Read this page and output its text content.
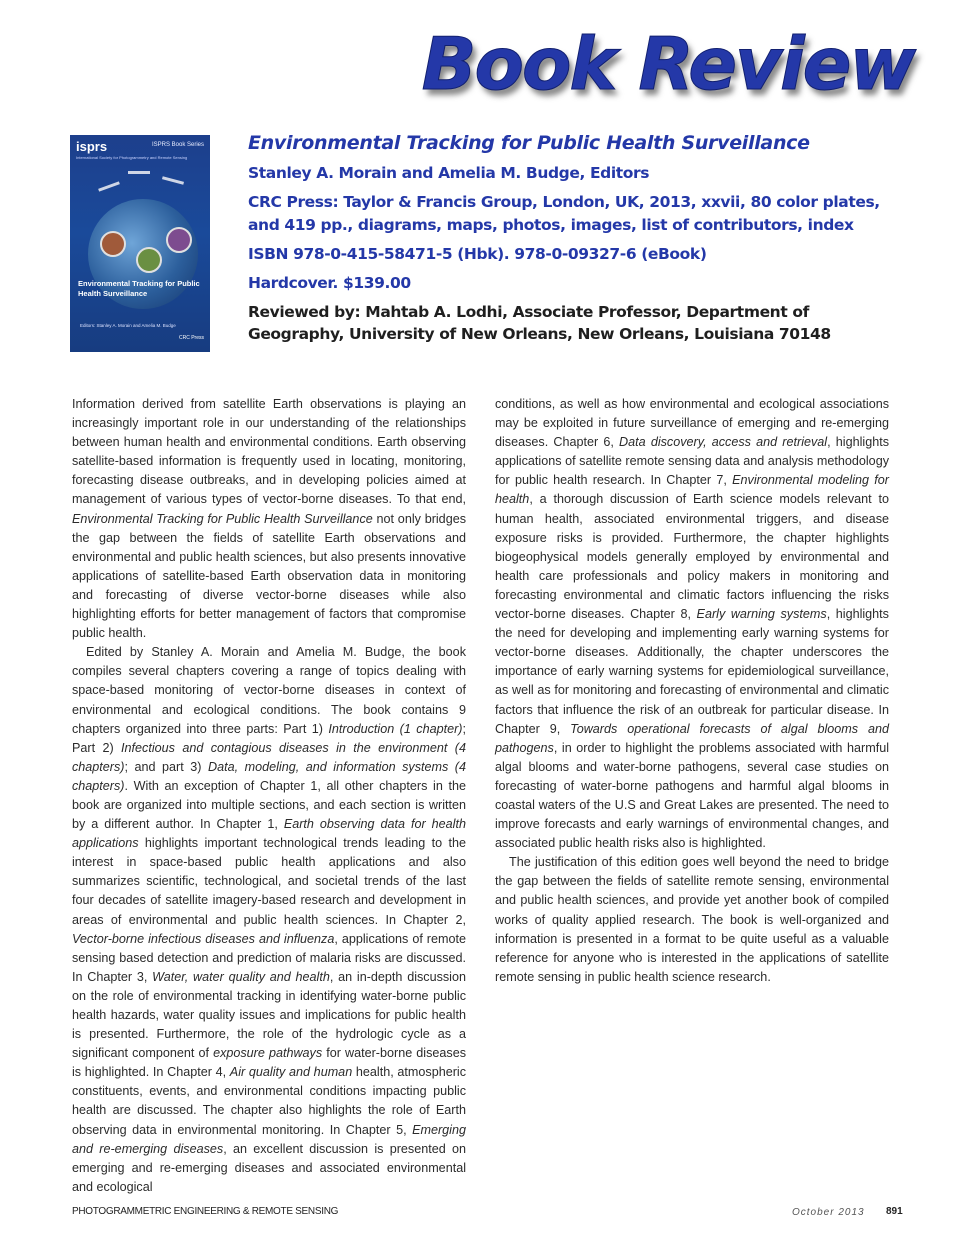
Book Review
isprs	ISPRS Book Series
International Society for Photogrammetry and Remote Sensing
Environmental Tracking for Public Health Surveillance
Editors: Stanley A. Morain and Amelia M. Budge
CRC Press
Environmental Tracking for Public Health Surveillance
Stanley A. Morain and Amelia M. Budge, Editors
CRC Press: Taylor & Francis Group, London, UK, 2013, xxvii, 80 color plates, and 419 pp., diagrams, maps, photos, images, list of contributors, index
ISBN 978-0-415-58471-5 (Hbk). 978-0-09327-6 (eBook)
Hardcover. $139.00
Reviewed by: Mahtab A. Lodhi, Associate Professor, Department of Geography, University of New Orleans, New Orleans, Louisiana 70148

Information derived from satellite Earth observations is playing an increasingly important role in our understanding of the relationships between human health and environmental conditions. Earth observing satellite-based information is frequently used in locating, monitoring, forecasting disease outbreaks, and in developing policies aimed at management of various types of vector-borne diseases. To that end, Environmental Tracking for Public Health Surveillance not only bridges the gap between the fields of satellite Earth observations and environmental and public health sciences, but also presents innovative applications of satellite-based Earth observation data in monitoring and forecasting of diverse vector-borne diseases while also highlighting efforts for better management of factors that compromise public health.

Edited by Stanley A. Morain and Amelia M. Budge, the book compiles several chapters covering a range of topics dealing with space-based monitoring of vector-borne diseases in context of environmental and ecological conditions. The book contains 9 chapters organized into three parts: Part 1) Introduction (1 chapter); Part 2) Infectious and contagious diseases in the environment (4 chapters); and part 3) Data, modeling, and information systems (4 chapters). With an exception of Chapter 1, all other chapters in the book are organized into multiple sections, and each section is written by a different author. In Chapter 1, Earth observing data for health applications highlights important technological trends leading to the interest in space-based public health applications and also summarizes scientific, technological, and societal trends of the last four decades of satellite imagery-based research and development in areas of environmental and public health sciences. In Chapter 2, Vector-borne infectious diseases and influenza, applications of remote sensing based detection and prediction of malaria risks are discussed. In Chapter 3, Water, water quality and health, an in-depth discussion on the role of environmental tracking in identifying water-borne public health hazards, water quality issues and implications for public health is presented. Furthermore, the role of the hydrologic cycle as a significant component of exposure pathways for water-borne diseases is highlighted. In Chapter 4, Air quality and human health, atmospheric constituents, events, and environmental conditions impacting public health are discussed. The chapter also highlights the role of Earth observing data in environmental monitoring. In Chapter 5, Emerging and re-emerging diseases, an excellent discussion is presented on emerging and re-emerging diseases and associated environmental and ecological

conditions, as well as how environmental and ecological associations may be exploited in future surveillance of emerging and re-emerging diseases. Chapter 6, Data discovery, access and retrieval, highlights applications of satellite remote sensing data and analysis methodology for public health research. In Chapter 7, Environmental modeling for health, a thorough discussion of Earth science models relevant to human health, associated environmental triggers, and disease exposure risks is provided. Furthermore, the chapter highlights biogeophysical models generally employed by environmental and health care professionals and policy makers in monitoring and forecasting environmental and climatic factors influencing the risks vector-borne diseases. Chapter 8, Early warning systems, highlights the need for developing and implementing early warning systems for vector-borne diseases. Additionally, the chapter underscores the importance of early warning systems for epidemiological surveillance, as well as for monitoring and forecasting of environmental and climatic factors that influence the risk of an outbreak for particular disease. In Chapter 9, Towards operational forecasts of algal blooms and pathogens, in order to highlight the problems associated with harmful algal blooms and water-borne pathogens, several case studies on forecasting of water-borne pathogens and harmful algal blooms in coastal waters of the U.S and Great Lakes are presented. The need to improve forecasts and early warnings of environmental changes, and associated public health risks also is highlighted.

The justification of this edition goes well beyond the need to bridge the gap between the fields of satellite remote sensing, environmental and public health sciences, and provide yet another book of compiled works of quality applied research. The book is well-organized and information is presented in a format to be quite useful as a valuable reference for anyone who is interested in the applications of satellite remote sensing in public health science research.

PHOTOGRAMMETRIC ENGINEERING & REMOTE SENSING	October 2013 891
